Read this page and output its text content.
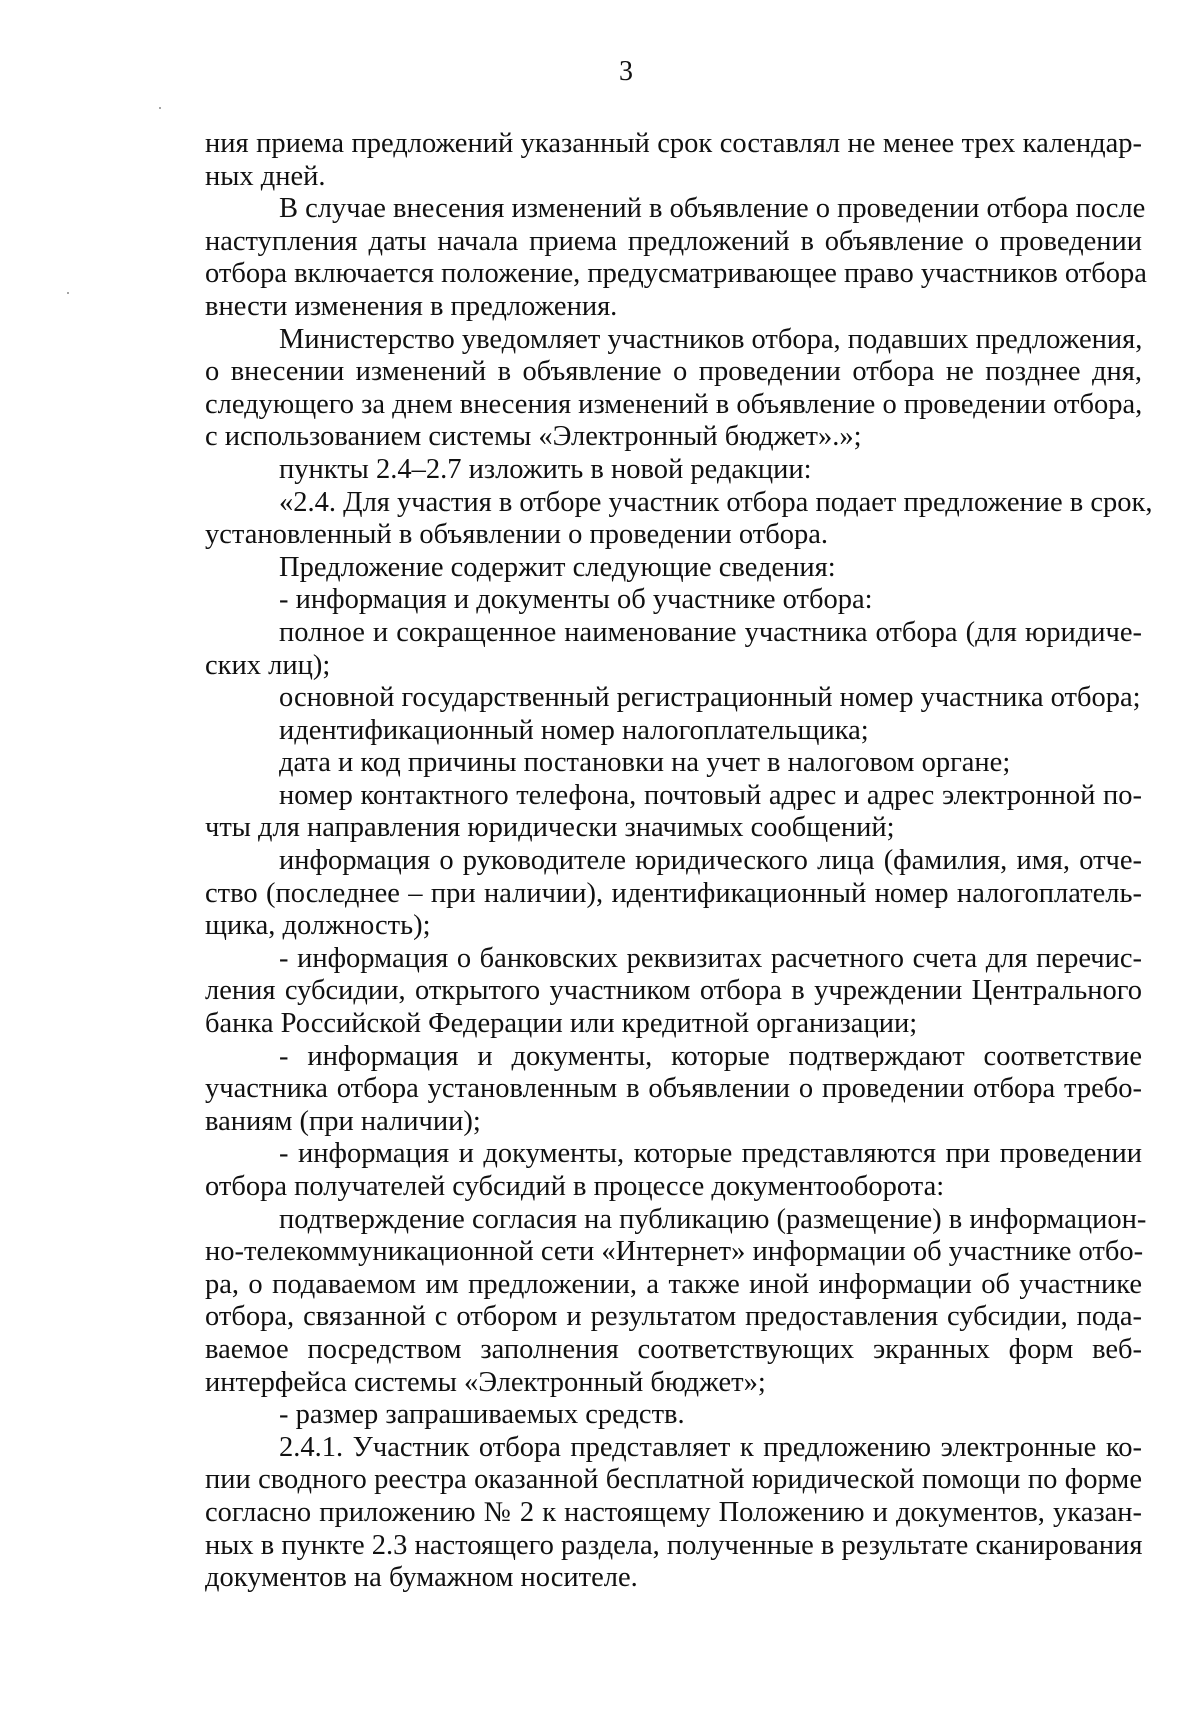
3
ния приема предложений указанный срок составлял не менее трех календар-
ных дней.
В случае внесения изменений в объявление о проведении отбора после
наступления даты начала приема предложений в объявление о проведении
отбора включается положение, предусматривающее право участников отбора
внести изменения в предложения.
Министерство уведомляет участников отбора, подавших предложения,
о внесении изменений в объявление о проведении отбора не позднее дня,
следующего за днем внесения изменений в объявление о проведении отбора,
с использованием системы «Электронный бюджет».»;
пункты 2.4–2.7 изложить в новой редакции:
«2.4. Для участия в отборе участник отбора подает предложение в срок,
установленный в объявлении о проведении отбора.
Предложение содержит следующие сведения:
- информация и документы об участнике отбора:
полное и сокращенное наименование участника отбора (для юридиче-
ских лиц);
основной государственный регистрационный номер участника отбора;
идентификационный номер налогоплательщика;
дата и код причины постановки на учет в налоговом органе;
номер контактного телефона, почтовый адрес и адрес электронной по-
чты для направления юридически значимых сообщений;
информация о руководителе юридического лица (фамилия, имя, отче-
ство (последнее – при наличии), идентификационный номер налогоплатель-
щика, должность);
- информация о банковских реквизитах расчетного счета для перечис-
ления субсидии, открытого участником отбора в учреждении Центрального
банка Российской Федерации или кредитной организации;
- информация и документы, которые подтверждают соответствие
участника отбора установленным в объявлении о проведении отбора требо-
ваниям (при наличии);
- информация и документы, которые представляются при проведении
отбора получателей субсидий в процессе документооборота:
подтверждение согласия на публикацию (размещение) в информацион-
но-телекоммуникационной сети «Интернет» информации об участнике отбо-
ра, о подаваемом им предложении, а также иной информации об участнике
отбора, связанной с отбором и результатом предоставления субсидии, пода-
ваемое посредством заполнения соответствующих экранных форм веб-
интерфейса системы «Электронный бюджет»;
- размер запрашиваемых средств.
2.4.1. Участник отбора представляет к предложению электронные ко-
пии сводного реестра оказанной бесплатной юридической помощи по форме
согласно приложению № 2 к настоящему Положению и документов, указан-
ных в пункте 2.3 настоящего раздела, полученные в результате сканирования
документов на бумажном носителе.
